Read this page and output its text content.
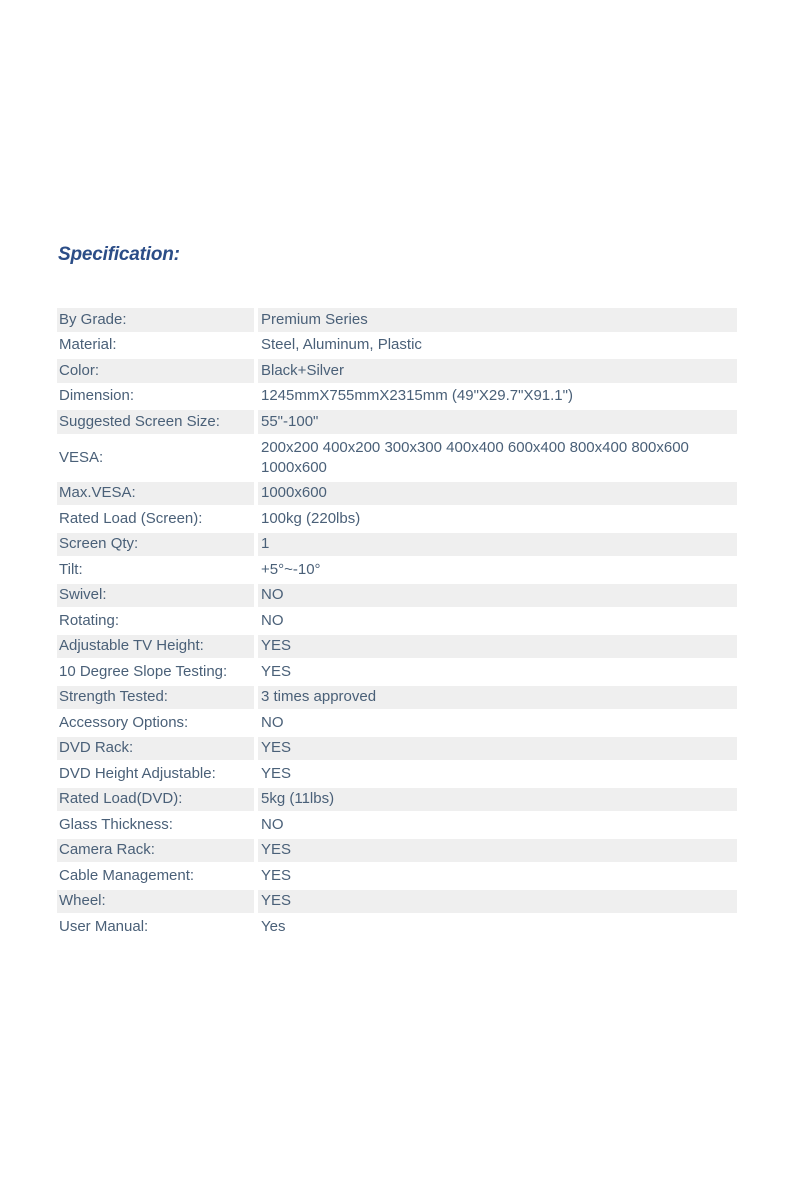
Specification:
By Grade:		Premium Series
Material:		Steel, Aluminum, Plastic
Color:		Black+Silver
Dimension:		1245mmX755mmX2315mm (49"X29.7"X91.1")
Suggested Screen Size:		55"-100"
VESA:		200x200 400x200 300x300 400x400 600x400 800x400 800x600 1000x600
Max.VESA:		1000x600
Rated Load (Screen):		100kg (220lbs)
Screen Qty:		1
Tilt:		+5°~-10°
Swivel:		NO
Rotating:		NO
Adjustable TV Height:		YES
10 Degree Slope Testing:		YES
Strength Tested:		3 times approved
Accessory Options:		NO
DVD Rack:		YES
DVD Height Adjustable:		YES
Rated Load(DVD):		5kg (11lbs)
Glass Thickness:		NO
Camera Rack:		YES
Cable Management:		YES
Wheel:		YES
User Manual:		Yes
